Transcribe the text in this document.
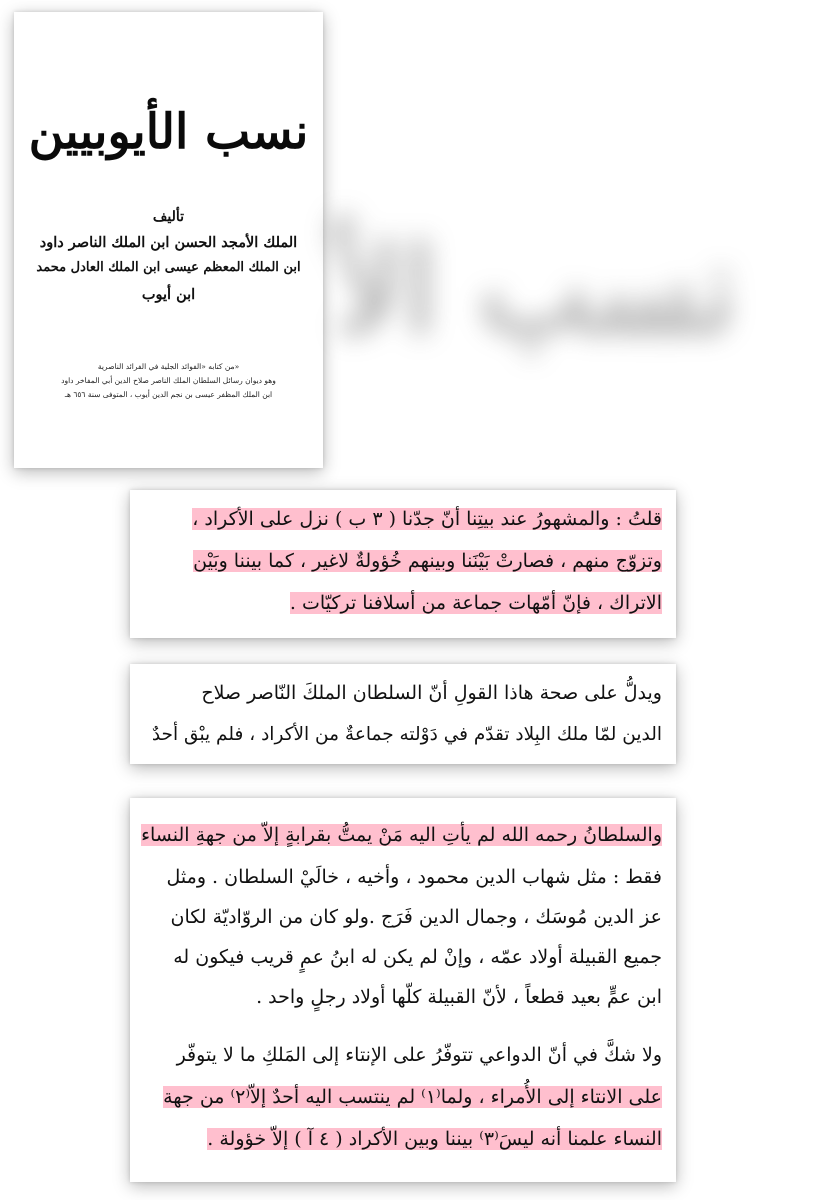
نسب الأيوبيين
تأليف
الملك الأمجد الحسن ابن الملك الناصر داود
ابن الملك المعظم عيسى ابن الملك العادل محمد
ابن أيوب
من كتابه «الفوائد الجلية في الفرائد الناصرية»
وهو ديوان رسائل السلطان الملك الناصر صلاح الدين أبي المفاخر داود
ابن الملك المظفر عيسى بن نجم الدين أيوب ، المتوفى سنة ٦٥٦ هـ
نسب الأ
قلتُ : والمشهورُ عند بيتِنا أنّ جدّنا ( ٣ ب ) نزل على الأكراد ،
وتزوّج منهم ، فصارتْ بَيْنَنا وبينهم خُؤولةٌ لاغير ، كما بيننا وبَيْن
الاتراك ، فإنّ أمّهات جماعة من أسلافنا تركيّات .
ويدلُّ على صحة هاذا القولِ أنّ السلطان الملكَ النّاصر صلاح
الدين لمّا ملك البِلاد تقدّم في دَوْلته جماعةٌ من الأكراد ، فلم يبْق أحدٌ
والسلطانُ رحمه الله لم يأتِ اليه مَنْ يمتُّ بقرابةٍ إلاّ من جهةِ النساء
فقط : مثل شهاب الدين محمود ، وأخيه ، خالَيْ السلطان . ومثل
عز الدين مُوسَك ، وجمال الدين فَرَج .ولو كان من الروّاديّة لكان
جميع القبيلة أولاد عمّه ، وإنْ لم يكن له ابنُ عمٍ قريب فيكون له
ابن عمٍّ بعيد قطعاً ، لأنّ القبيلة كلّها أولاد رجلٍ واحد .
ولا شكَّ في أنّ الدواعي تتوفّرُ على الإنتاء إلى المَلكِ ما لا يتوفّر
على الانتاء إلى الأُمراء ، ولما⁽١⁾ لم ينتسب اليه أحدٌ إلاّ⁽٢⁾ من جهة
النساء علمنا أنه ليسَ⁽٣⁾ بيننا وبين الأكراد ( ٤ آ ) إلاّ خؤولة .
